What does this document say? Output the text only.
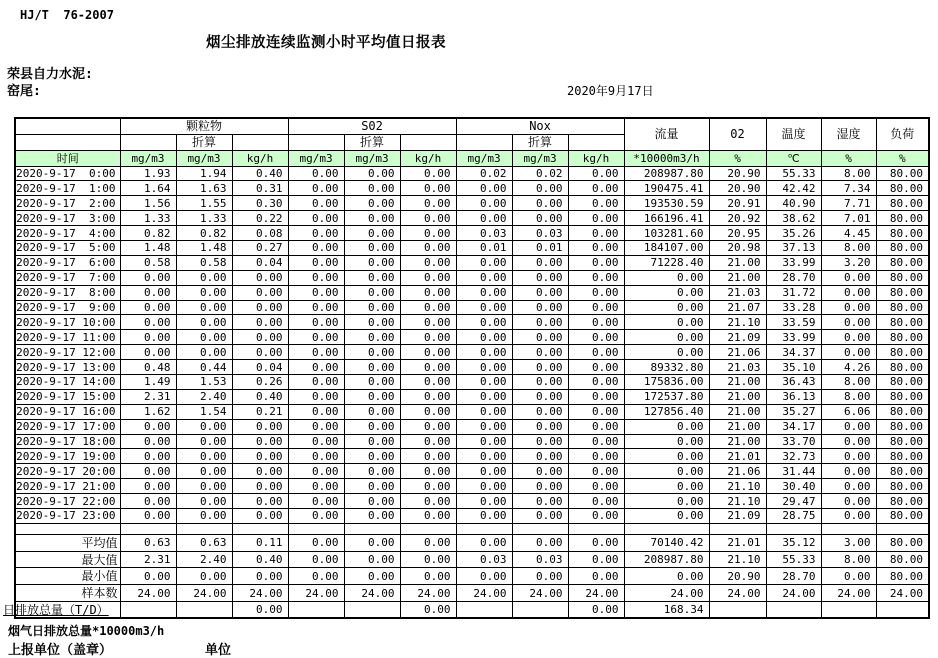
HJ/T  76-2007
烟尘排放连续监测小时平均值日报表
荣县自力水泥:
窑尾:	2020年9月17日
	颗粒物			S02			Nox			流量	02	温度	湿度	负荷
		折算			折算			折算						
时间	mg/m3	mg/m3	kg/h	mg/m3	mg/m3	kg/h	mg/m3	mg/m3	kg/h	*10000m3/h	%	℃	%	%
2020-9-17  0:00	1.93	1.94	0.40	0.00	0.00	0.00	0.02	0.02	0.00	208987.80	20.90	55.33	8.00	80.00
2020-9-17  1:00	1.64	1.63	0.31	0.00	0.00	0.00	0.00	0.00	0.00	190475.41	20.90	42.42	7.34	80.00
2020-9-17  2:00	1.56	1.55	0.30	0.00	0.00	0.00	0.00	0.00	0.00	193530.59	20.91	40.90	7.71	80.00
2020-9-17  3:00	1.33	1.33	0.22	0.00	0.00	0.00	0.00	0.00	0.00	166196.41	20.92	38.62	7.01	80.00
2020-9-17  4:00	0.82	0.82	0.08	0.00	0.00	0.00	0.03	0.03	0.00	103281.60	20.95	35.26	4.45	80.00
2020-9-17  5:00	1.48	1.48	0.27	0.00	0.00	0.00	0.01	0.01	0.00	184107.00	20.98	37.13	8.00	80.00
2020-9-17  6:00	0.58	0.58	0.04	0.00	0.00	0.00	0.00	0.00	0.00	71228.40	21.00	33.99	3.20	80.00
2020-9-17  7:00	0.00	0.00	0.00	0.00	0.00	0.00	0.00	0.00	0.00	0.00	21.00	28.70	0.00	80.00
2020-9-17  8:00	0.00	0.00	0.00	0.00	0.00	0.00	0.00	0.00	0.00	0.00	21.03	31.72	0.00	80.00
2020-9-17  9:00	0.00	0.00	0.00	0.00	0.00	0.00	0.00	0.00	0.00	0.00	21.07	33.28	0.00	80.00
2020-9-17 10:00	0.00	0.00	0.00	0.00	0.00	0.00	0.00	0.00	0.00	0.00	21.10	33.59	0.00	80.00
2020-9-17 11:00	0.00	0.00	0.00	0.00	0.00	0.00	0.00	0.00	0.00	0.00	21.09	33.99	0.00	80.00
2020-9-17 12:00	0.00	0.00	0.00	0.00	0.00	0.00	0.00	0.00	0.00	0.00	21.06	34.37	0.00	80.00
2020-9-17 13:00	0.48	0.44	0.04	0.00	0.00	0.00	0.00	0.00	0.00	89332.80	21.03	35.10	4.26	80.00
2020-9-17 14:00	1.49	1.53	0.26	0.00	0.00	0.00	0.00	0.00	0.00	175836.00	21.00	36.43	8.00	80.00
2020-9-17 15:00	2.31	2.40	0.40	0.00	0.00	0.00	0.00	0.00	0.00	172537.80	21.00	36.13	8.00	80.00
2020-9-17 16:00	1.62	1.54	0.21	0.00	0.00	0.00	0.00	0.00	0.00	127856.40	21.00	35.27	6.06	80.00
2020-9-17 17:00	0.00	0.00	0.00	0.00	0.00	0.00	0.00	0.00	0.00	0.00	21.00	34.17	0.00	80.00
2020-9-17 18:00	0.00	0.00	0.00	0.00	0.00	0.00	0.00	0.00	0.00	0.00	21.00	33.70	0.00	80.00
2020-9-17 19:00	0.00	0.00	0.00	0.00	0.00	0.00	0.00	0.00	0.00	0.00	21.01	32.73	0.00	80.00
2020-9-17 20:00	0.00	0.00	0.00	0.00	0.00	0.00	0.00	0.00	0.00	0.00	21.06	31.44	0.00	80.00
2020-9-17 21:00	0.00	0.00	0.00	0.00	0.00	0.00	0.00	0.00	0.00	0.00	21.10	30.40	0.00	80.00
2020-9-17 22:00	0.00	0.00	0.00	0.00	0.00	0.00	0.00	0.00	0.00	0.00	21.10	29.47	0.00	80.00
2020-9-17 23:00	0.00	0.00	0.00	0.00	0.00	0.00	0.00	0.00	0.00	0.00	21.09	28.75	0.00	80.00

平均值	0.63	0.63	0.11	0.00	0.00	0.00	0.00	0.00	0.00	70140.42	21.01	35.12	3.00	80.00
最大值	2.31	2.40	0.40	0.00	0.00	0.00	0.03	0.03	0.00	208987.80	21.10	55.33	8.00	80.00
最小值	0.00	0.00	0.00	0.00	0.00	0.00	0.00	0.00	0.00	0.00	20.90	28.70	0.00	80.00
样本数	24.00	24.00	24.00	24.00	24.00	24.00	24.00	24.00	24.00	24.00	24.00	24.00	24.00	24.00
日排放总量（T/D）			0.00			0.00			0.00	168.34				
烟气日排放总量*10000m3/h
上报单位（盖章）	单位
